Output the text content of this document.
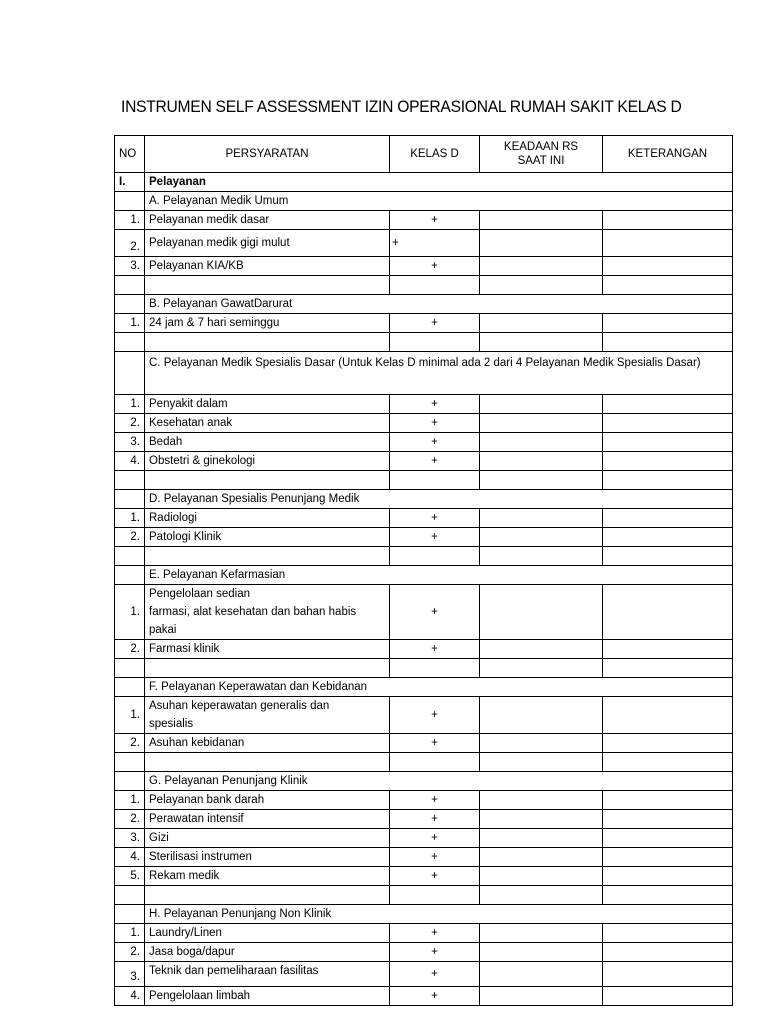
INSTRUMEN SELF ASSESSMENT IZIN OPERASIONAL RUMAH SAKIT KELAS D
NO	PERSYARATAN	KELAS D	KEADAAN RS SAAT INI	KETERANGAN
I.	Pelayanan			
	A. Pelayanan Medik Umum			
1.	Pelayanan medik dasar	+		
2.	Pelayanan medik gigi mulut	+		
3.	Pelayanan KIA/KB	+		

	B. Pelayanan GawatDarurat			
1.	24 jam & 7 hari seminggu	+		

	C. Pelayanan Medik Spesialis Dasar (Untuk Kelas D minimal ada 2 dari 4 Pelayanan Medik Spesialis Dasar)			
1.	Penyakit dalam	+		
2.	Kesehatan anak	+		
3.	Bedah	+		
4.	Obstetri & ginekologi	+		

	D. Pelayanan Spesialis Penunjang Medik			
1.	Radiologi	+		
2.	Patologi Klinik	+		

	E. Pelayanan Kefarmasian			
1.	Pengelolaan sedian
farmasi, alat kesehatan dan bahan habis
pakai	+		
2.	Farmasi klinik	+		

	F. Pelayanan Keperawatan dan Kebidanan			
1.	Asuhan keperawatan generalis dan
spesialis	+		
2.	Asuhan kebidanan	+		

	G. Pelayanan Penunjang Klinik			
1.	Pelayanan bank darah	+		
2.	Perawatan intensif	+		
3.	Gizi	+		
4.	Sterilisasi instrumen	+		
5.	Rekam medik	+		

	H. Pelayanan Penunjang Non Klinik			
1.	Laundry/Linen	+		
2.	Jasa boga/dapur	+		
3.	Teknik dan pemeliharaan fasilitas	+		
4.	Pengelolaan limbah	+		
